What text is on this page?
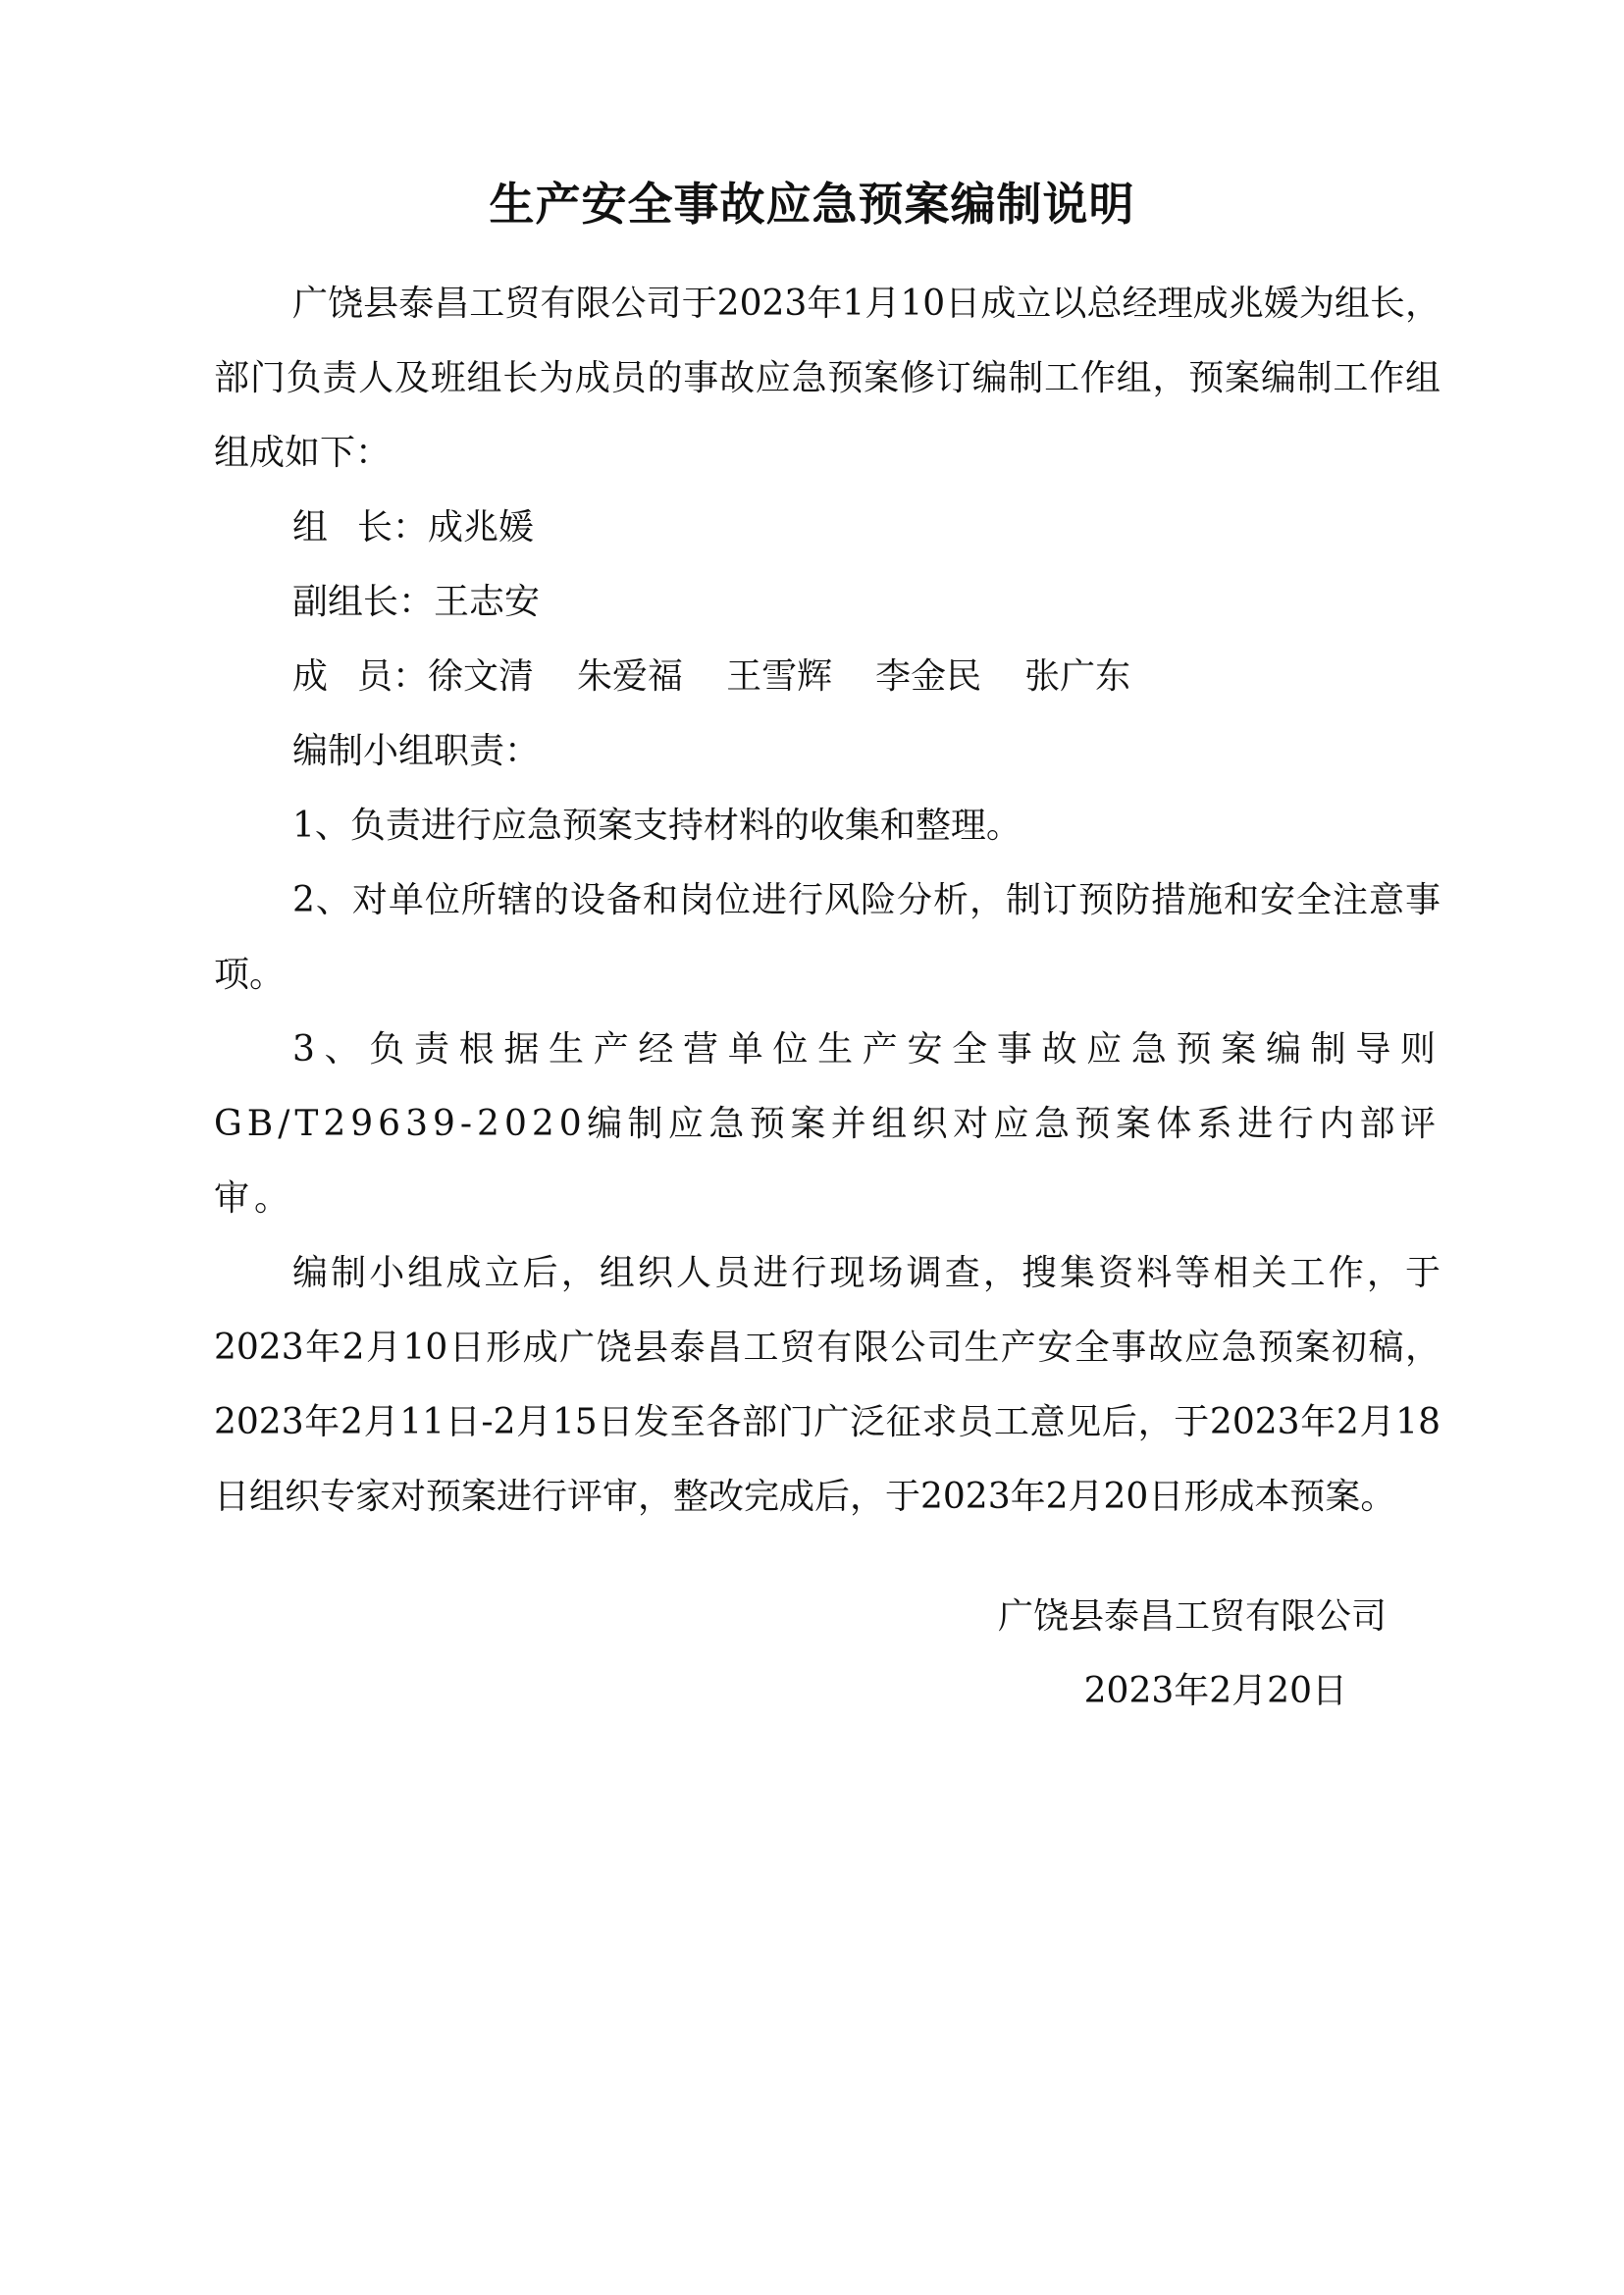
生产安全事故应急预案编制说明

广饶县泰昌工贸有限公司于2023年1月10日成立以总经理成兆媛为组长，部门负责人及班组长为成员的事故应急预案修订编制工作组，预案编制工作组组成如下：

组 长：成兆媛

副组长：王志安

成 员：徐文清 朱爱福 王雪辉 李金民 张广东

编制小组职责：

1、负责进行应急预案支持材料的收集和整理。

2、对单位所辖的设备和岗位进行风险分析，制订预防措施和安全注意事项。

3、负责根据生产经营单位生产安全事故应急预案编制导则GB/T29639-2020编制应急预案并组织对应急预案体系进行内部评审。

编制小组成立后，组织人员进行现场调查，搜集资料等相关工作，于2023年2月10日形成广饶县泰昌工贸有限公司生产安全事故应急预案初稿，2023年2月11日-2月15日发至各部门广泛征求员工意见后，于2023年2月18日组织专家对预案进行评审，整改完成后，于2023年2月20日形成本预案。

广饶县泰昌工贸有限公司
2023年2月20日
